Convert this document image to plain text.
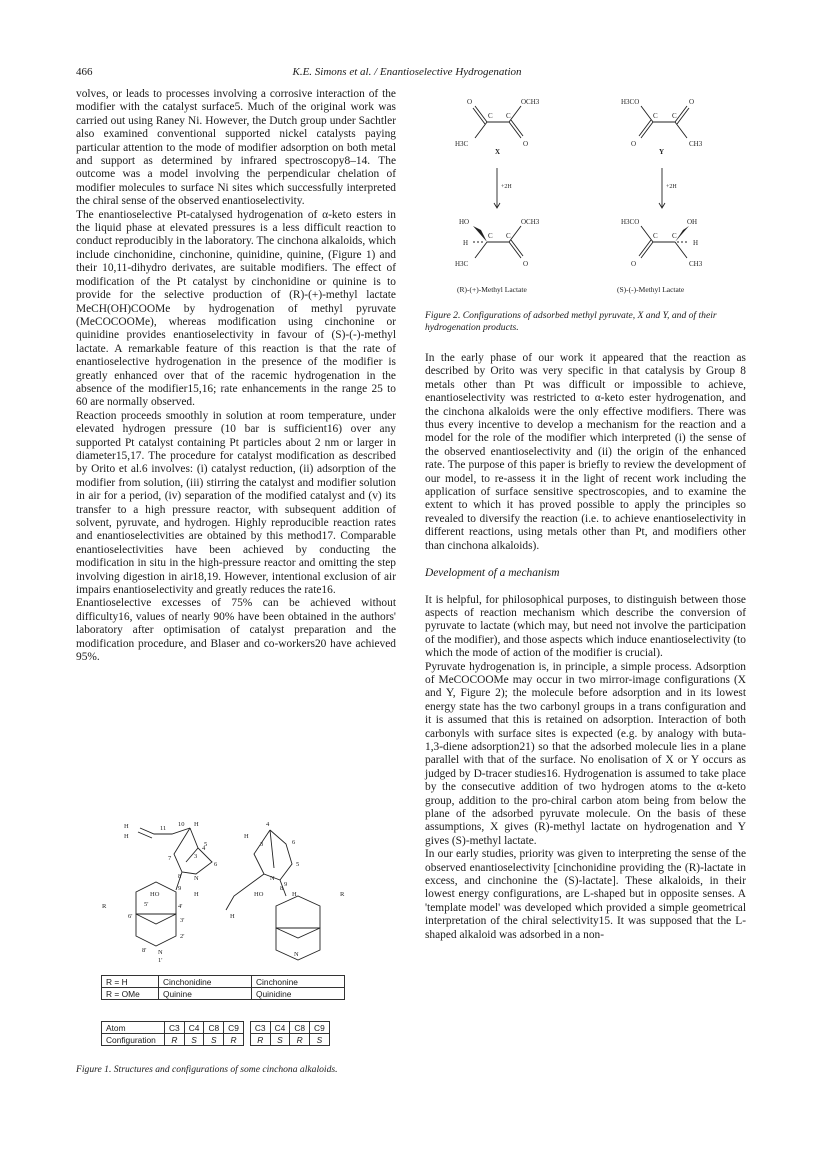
466	K.E. Simons et al. / Enantioselective Hydrogenation

volves, or leads to processes involving a corrosive interaction of the modifier with the catalyst surface5. Much of the original work was carried out using Raney Ni. However, the Dutch group under Sachtler also examined conventional supported nickel catalysts paying particular attention to the mode of modifier adsorption on both metal and support as determined by infrared spectroscopy8–14. The outcome was a model involving the perpendicular chelation of modifier molecules to surface Ni sites which successfully interpreted the chiral sense of the observed enantioselectivity.

The enantioselective Pt-catalysed hydrogenation of α-keto esters in the liquid phase at elevated pressures is a less difficult reaction to conduct reproducibly in the laboratory. The cinchona alkaloids, which include cinchonidine, cinchonine, quinidine, quinine, (Figure 1) and their 10,11-dihydro derivates, are suitable modifiers. The effect of modification of the Pt catalyst by cinchonidine or quinine is to provide for the selective production of (R)-(+)-methyl lactate MeCH(OH)COOMe by hydrogenation of methyl pyruvate (MeCOCOOMe), whereas modification using cinchonine or quinidine provides enantioselectivity in favour of (S)-(-)-methyl lactate. A remarkable feature of this reaction is that the rate of enantioselective hydrogenation in the presence of the modifier is greatly enhanced over that of the racemic hydrogenation in the absence of the modifier15,16; rate enhancements in the range 25 to 60 are normally observed.

Reaction proceeds smoothly in solution at room temperature, under elevated hydrogen pressure (10 bar is sufficient16) over any supported Pt catalyst containing Pt particles about 2 nm or larger in diameter15,17. The procedure for catalyst modification as described by Orito et al.6 involves: (i) catalyst reduction, (ii) adsorption of the modifier from solution, (iii) stirring the catalyst and modifier solution in air for a period, (iv) separation of the modified catalyst and (v) its transfer to a high pressure reactor, with subsequent addition of solvent, pyruvate, and hydrogen. Highly reproducible reaction rates and enantioselectivities are obtained by this method17. Comparable enantioselectivities have been achieved by conducting the modification in situ in the high-pressure reactor and omitting the step involving digestion in air18,19. However, intentional exclusion of air impairs enantioselectivity and greatly reduces the rate16.

Enantioselective excesses of 75% can be achieved without difficulty16, values of nearly 90% have been obtained in the authors' laboratory after optimisation of catalyst preparation and the modification procedure, and Blaser and co-workers20 have achieved 95%.

H
H
11
10 H
3
4
7
6
5
N
8
HO
9
H
R
6'
5'	4'
3'
2'
8' N
1'
H
3
4
6
5
N
8
HO
9
H
H
R
N
R = H	Cinchonidine	Cinchonine
R = OMe	Quinine	Quinidine
Atom	C3	C4	C8	C9		C3	C4	C8	C9
Configuration	R	S	S	R		R	S	R	S
Figure 1. Structures and configurations of some cinchona alkaloids.
O	OCH3
C C
H3C	O
X
H3CO	O
C C
O	CH3
Y
+2H	+2H
HO	OCH3
H
C C
H3C	O
H3CO	OH
C C
H
O	CH3
(R)-(+)-Methyl Lactate	(S)-(-)-Methyl Lactate
Figure 2. Configurations of adsorbed methyl pyruvate, X and Y, and of their hydrogenation products.

In the early phase of our work it appeared that the reaction as described by Orito was very specific in that catalysis by Group 8 metals other than Pt was difficult or impossible to achieve, enantioselectivity was restricted to α-keto ester hydrogenation, and the cinchona alkaloids were the only effective modifiers. There was thus every incentive to develop a mechanism for the reaction and a model for the role of the modifier which interpreted (i) the sense of the observed enantioselectivity and (ii) the origin of the enhanced rate. The purpose of this paper is briefly to review the development of our model, to re-assess it in the light of recent work including the application of surface sensitive spectroscopies, and to examine the extent to which it has proved possible to apply the principles so revealed to diversify the reaction (i.e. to achieve enantioselectivity in different reactions, using metals other than Pt, and modifiers other than cinchona alkaloids).

Development of a mechanism

It is helpful, for philosophical purposes, to distinguish between those aspects of reaction mechanism which describe the conversion of pyruvate to lactate (which may, but need not involve the participation of the modifier), and those aspects which induce enantioselectivity (to which the mode of action of the modifier is crucial).

Pyruvate hydrogenation is, in principle, a simple process. Adsorption of MeCOCOOMe may occur in two mirror-image configurations (X and Y, Figure 2); the molecule before adsorption and in its lowest energy state has the two carbonyl groups in a trans configuration and it is assumed that this is retained on adsorption. Interaction of both carbonyls with surface sites is expected (e.g. by analogy with buta-1,3-diene adsorption21) so that the adsorbed molecule lies in a plane parallel with that of the surface. No enolisation of X or Y occurs as judged by D-tracer studies16. Hydrogenation is assumed to take place by the consecutive addition of two hydrogen atoms to the α-keto group, addition to the pro-chiral carbon atom being from below the plane of the adsorbed pyruvate molecule. On the basis of these assumptions, X gives (R)-methyl lactate on hydrogenation and Y gives (S)-methyl lactate.

In our early studies, priority was given to interpreting the sense of the observed enantioselectivity [cinchonidine providing the (R)-lactate in excess, and cinchonine the (S)-lactate]. These alkaloids, in their lowest energy configurations, are L-shaped but in opposite senses. A 'template model' was developed which provided a simple geometrical interpretation of the chiral selectivity15. It was supposed that the L-shaped alkaloid was adsorbed in a non-
